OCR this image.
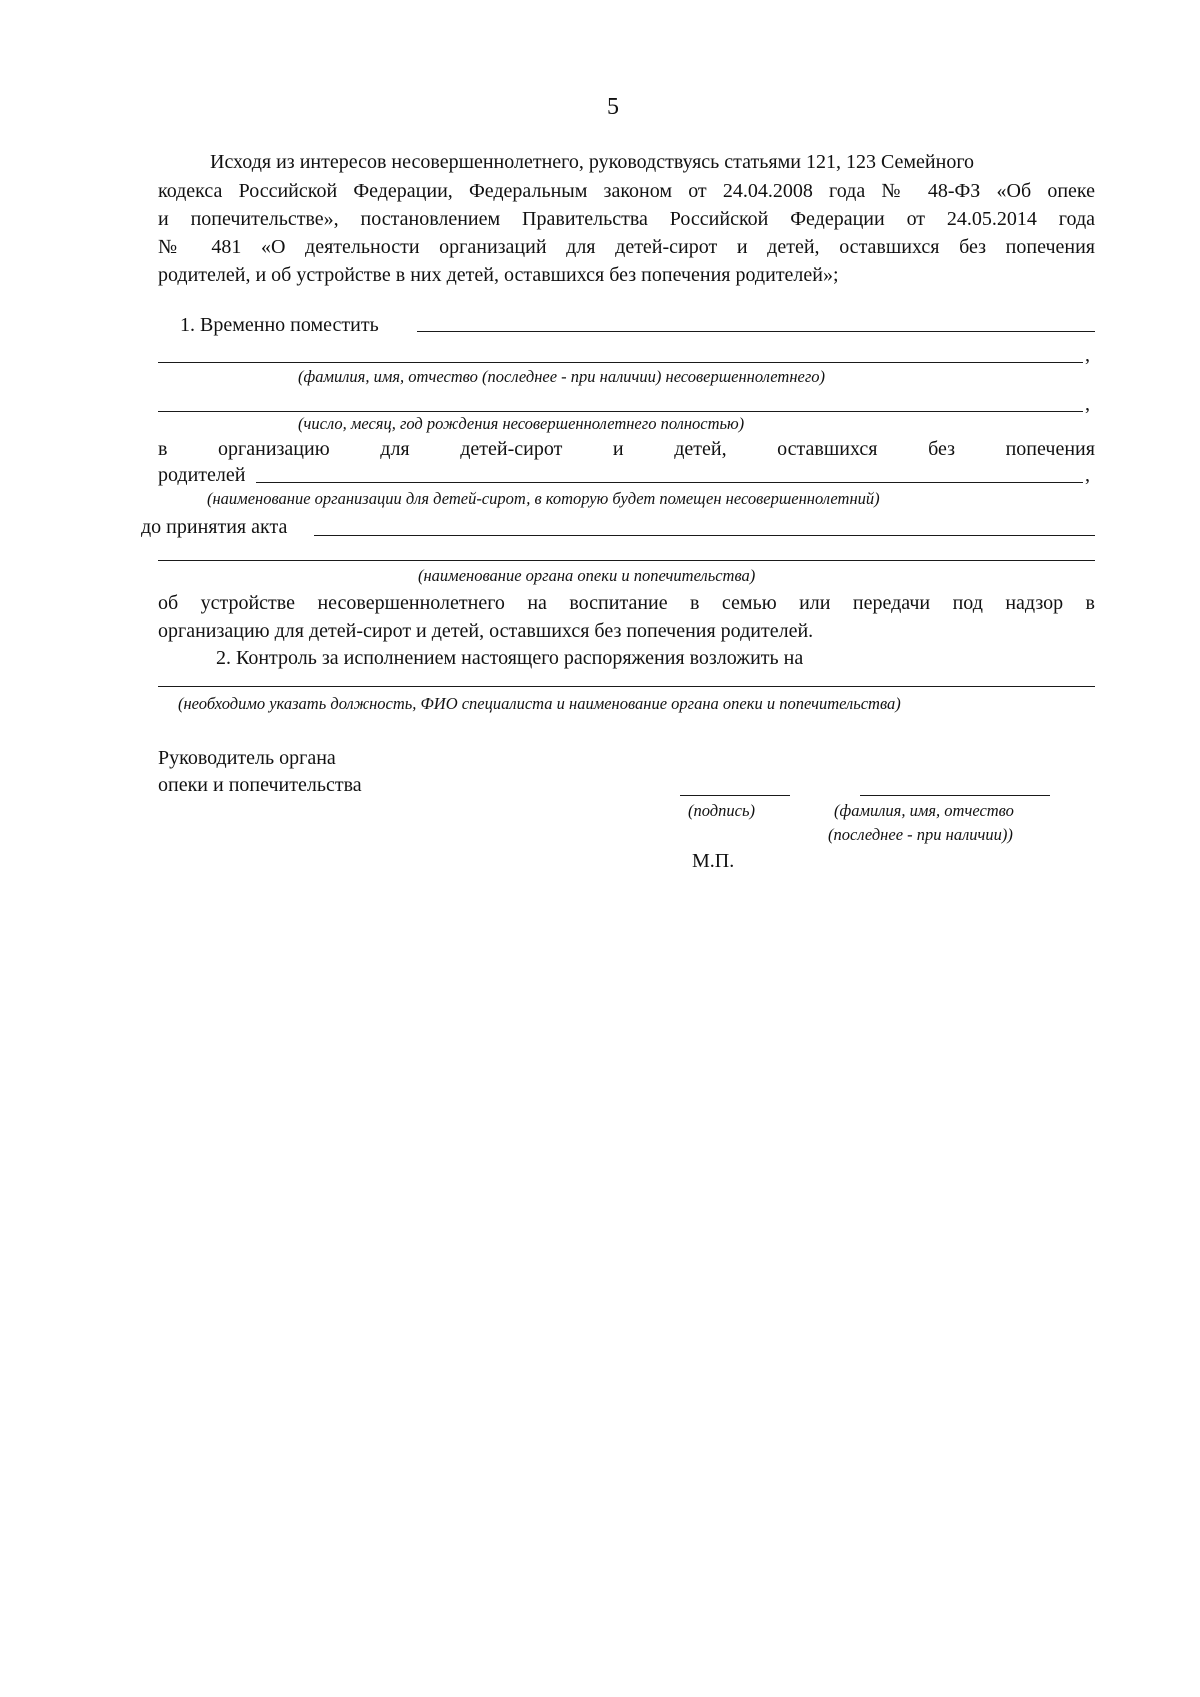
5
Исходя из интересов несовершеннолетнего, руководствуясь статьями 121, 123 Семейного
кодекса Российской Федерации, Федеральным законом от 24.04.2008 года № 48-ФЗ «Об опеке
и попечительстве», постановлением Правительства Российской Федерации от 24.05.2014 года
№ 481 «О деятельности организаций для детей-сирот и детей, оставшихся без попечения
родителей, и об устройстве в них детей, оставшихся без попечения родителей»;
1. Временно поместить
,
(фамилия, имя, отчество (последнее - при наличии) несовершеннолетнего)
,
(число, месяц, год рождения несовершеннолетнего полностью)
в	организацию	для	детей-сирот	и	детей,	оставшихся	без	попечения
родителей	,
(наименование организации для детей-сирот, в которую будет помещен несовершеннолетний)
до принятия акта
(наименование органа опеки и попечительства)
об устройстве несовершеннолетнего на воспитание в семью или передачи под надзор в
организацию для детей-сирот и детей, оставшихся без попечения родителей.
2. Контроль за исполнением настоящего распоряжения возложить на
(необходимо указать должность, ФИО специалиста и наименование органа опеки и попечительства)
Руководитель органа
опеки и попечительства
(подпись)	(фамилия, имя, отчество
(последнее - при наличии))
М.П.
